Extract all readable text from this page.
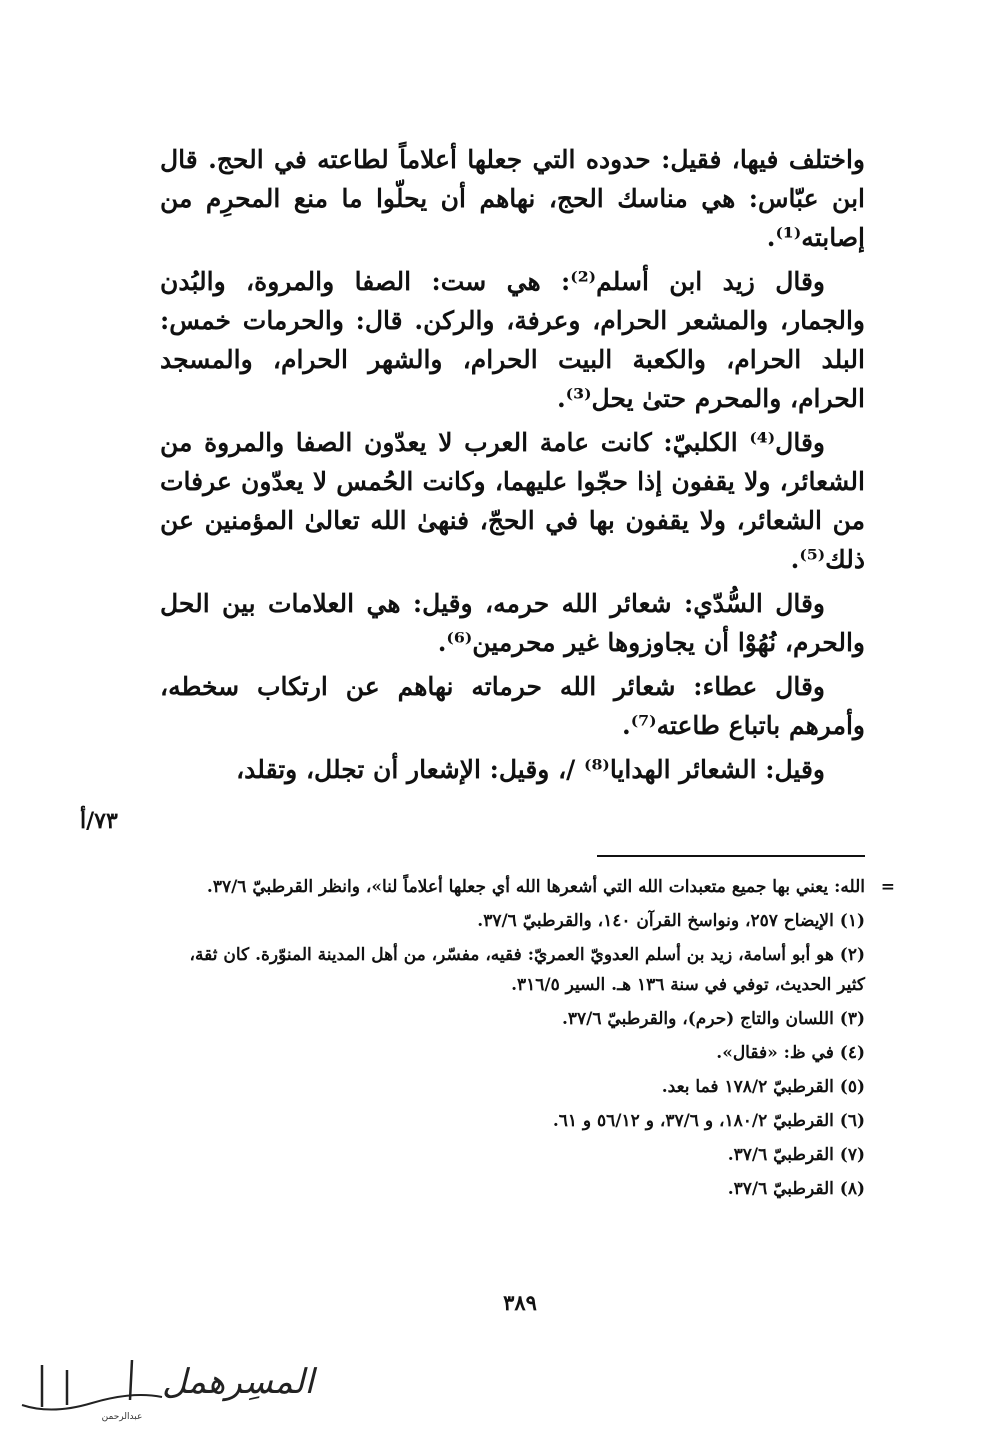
واختلف فيها، فقيل: حدوده التي جعلها أعلاماً لطاعته في الحج. قال ابن عبّاس: هي مناسك الحج، نهاهم أن يحلّوا ما منع المحرِم من إصابته⁽¹⁾.

وقال زيد ابن أسلم⁽²⁾: هي ست: الصفا والمروة، والبُدن والجمار، والمشعر الحرام، وعرفة، والركن. قال: والحرمات خمس: البلد الحرام، والكعبة البيت الحرام، والشهر الحرام، والمسجد الحرام، والمحرم حتىٰ يحل⁽³⁾.

وقال⁽⁴⁾ الكلبيّ: كانت عامة العرب لا يعدّون الصفا والمروة من الشعائر، ولا يقفون إذا حجّوا عليهما، وكانت الحُمس لا يعدّون عرفات من الشعائر، ولا يقفون بها في الحجّ، فنهىٰ الله تعالىٰ المؤمنين عن ذلك⁽⁵⁾.

وقال السُّدّي: شعائر الله حرمه، وقيل: هي العلامات بين الحل والحرم، نُهُوْا أن يجاوزوها غير محرمين⁽⁶⁾.

وقال عطاء: شعائر الله حرماته نهاهم عن ارتكاب سخطه، وأمرهم باتباع طاعته⁽⁷⁾.

وقيل: الشعائر الهدايا⁽⁸⁾ /، وقيل: الإشعار أن تجلل، وتقلد،

٧٣/أ
=
الله: يعني بها جميع متعبدات الله التي أشعرها الله أي جعلها أعلاماً لنا»، وانظر القرطبيّ ٣٧/٦.
(١) الإيضاح ٢٥٧، ونواسخ القرآن ١٤٠، والقرطبيّ ٣٧/٦.
(٢) هو أبو أسامة، زيد بن أسلم العدويّ العمريّ: فقيه، مفسّر، من أهل المدينة المنوّرة. كان ثقة، كثير الحديث، توفي في سنة ١٣٦ هـ. السير ٣١٦/٥.
(٣) اللسان والتاج (حرم)، والقرطبيّ ٣٧/٦.
(٤) في ظ: «فقال».
(٥) القرطبيّ ١٧٨/٢ فما بعد.
(٦) القرطبيّ ١٨٠/٢، و ٣٧/٦، و ٥٦/١٢ و ٦١.
(٧) القرطبيّ ٣٧/٦.
(٨) القرطبيّ ٣٧/٦.
٣٨٩
المسِرهمل
عبدالرحمن
